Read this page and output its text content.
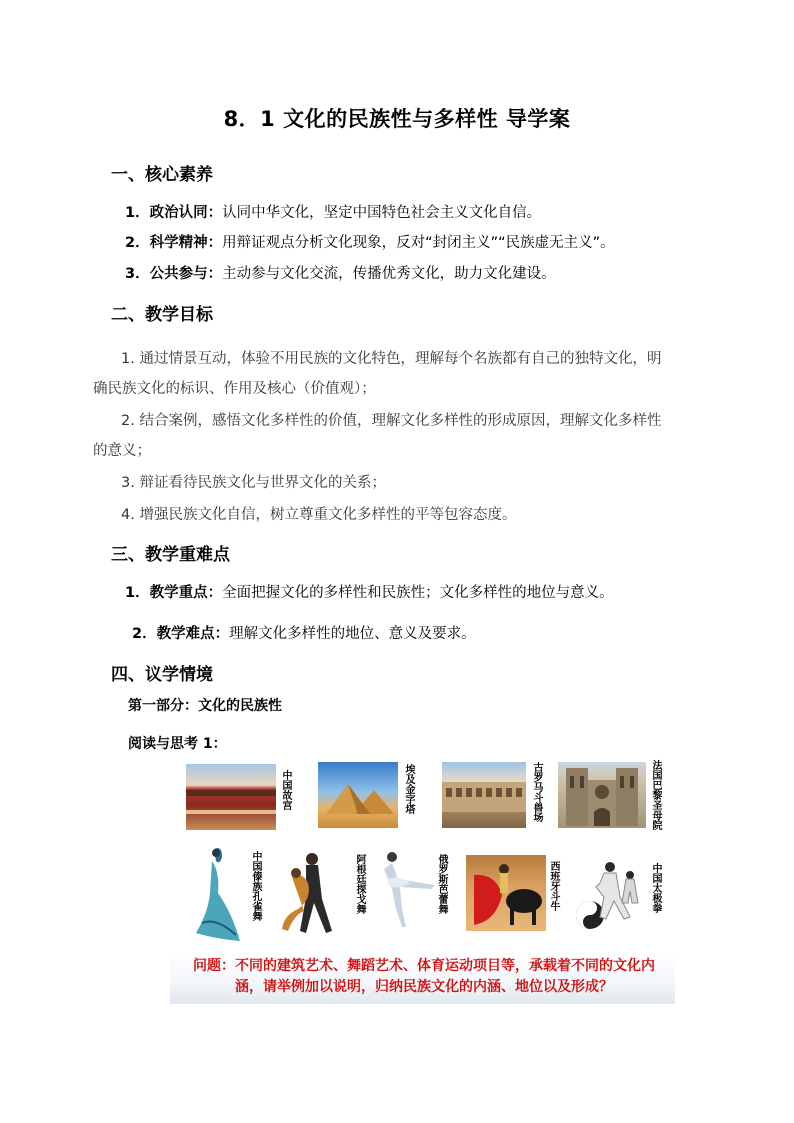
8．1 文化的民族性与多样性 导学案
一、核心素养
1．政治认同：认同中华文化，坚定中国特色社会主义文化自信。
2．科学精神：用辩证观点分析文化现象，反对“封闭主义”“民族虚无主义”。
3．公共参与：主动参与文化交流，传播优秀文化，助力文化建设。
二、教学目标
1. 通过情景互动，体验不用民族的文化特色，理解每个名族都有自己的独特文化，明
确民族文化的标识、作用及核心（价值观）；
2. 结合案例，感悟文化多样性的价值，理解文化多样性的形成原因，理解文化多样性
的意义；
3. 辩证看待民族文化与世界文化的关系；
4. 增强民族文化自信，树立尊重文化多样性的平等包容态度。
三、教学重难点
1．教学重点：全面把握文化的多样性和民族性；文化多样性的地位与意义。
2．教学难点：理解文化多样性的地位、意义及要求。
四、议学情境
第一部分：文化的民族性
阅读与思考 1：
中国故宫	埃及金字塔	古罗马斗兽场	法国巴黎圣母院
中国傣族孔雀舞	阿根廷探戈舞	俄罗斯芭蕾舞	西班牙斗牛	中国太极拳
问题：不同的建筑艺术、舞蹈艺术、体育运动项目等，承载着不同的文化内
涵，请举例加以说明，归纳民族文化的内涵、地位以及形成？
